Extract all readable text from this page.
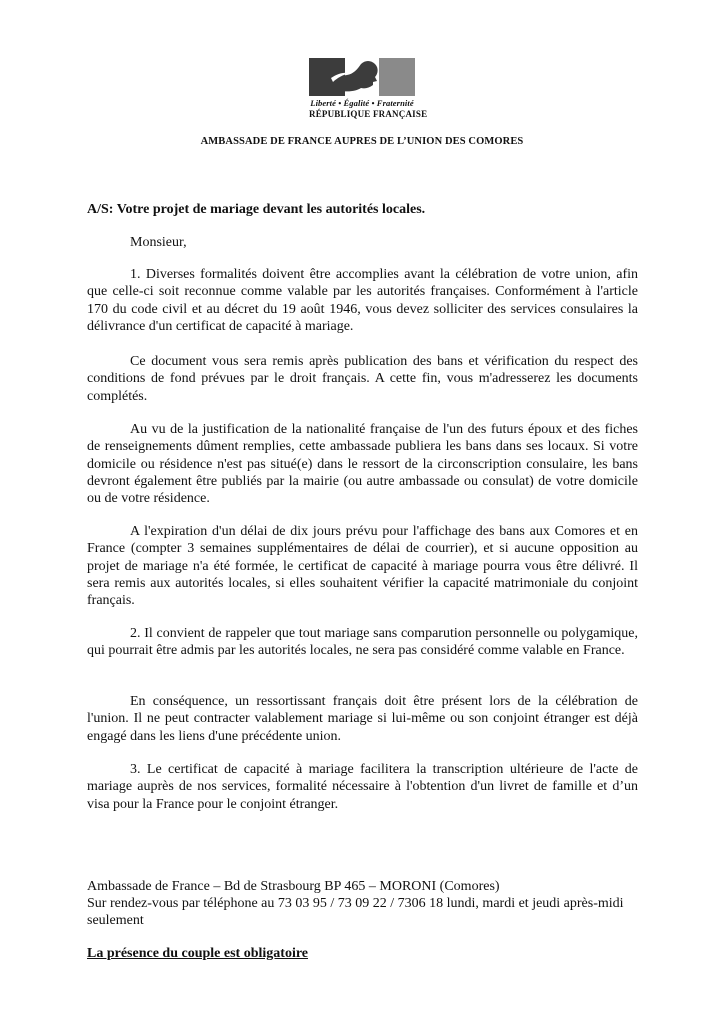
Liberté • Égalité • Fraternité
RÉPUBLIQUE FRANÇAISE
AMBASSADE DE FRANCE AUPRES DE L’UNION DES COMORES
A/S: Votre projet de mariage devant les autorités locales.
Monsieur,

1. Diverses formalités doivent être accomplies avant la célébration de votre union, afin que celle-ci soit reconnue comme valable par les autorités françaises. Conformément à l'article 170 du code civil et au décret du 19 août 1946, vous devez solliciter des services consulaires la délivrance d'un certificat de capacité à mariage.

Ce document vous sera remis après publication des bans et vérification du respect des conditions de fond prévues par le droit français. A cette fin, vous m'adresserez les documents complétés.

Au vu de la justification de la nationalité française de l'un des futurs époux et des fiches de renseignements dûment remplies, cette ambassade publiera les bans dans ses locaux. Si votre domicile ou résidence n'est pas situé(e) dans le ressort de la circonscription consulaire, les bans devront également être publiés par la mairie (ou autre ambassade ou consulat) de votre domicile ou de votre résidence.

A l'expiration d'un délai de dix jours prévu pour l'affichage des bans aux Comores et en France (compter 3 semaines supplémentaires de délai de courrier), et si aucune opposition au projet de mariage n'a été formée, le certificat de capacité à mariage pourra vous être délivré. Il sera remis aux autorités locales, si elles souhaitent vérifier la capacité matrimoniale du conjoint français.

2. Il convient de rappeler que tout mariage sans comparution personnelle ou polygamique, qui pourrait être admis par les autorités locales, ne sera pas considéré comme valable en France.

En conséquence, un ressortissant français doit être présent lors de la célébration de l'union. Il ne peut contracter valablement mariage si lui-même ou son conjoint étranger est déjà engagé dans les liens d'une précédente union.

3. Le certificat de capacité à mariage facilitera la transcription ultérieure de l'acte de mariage auprès de nos services, formalité nécessaire à l'obtention d'un livret de famille et d’un visa pour la France pour le conjoint étranger.

Ambassade de France – Bd de Strasbourg BP 465 – MORONI (Comores)
Sur rendez-vous par téléphone au 73 03 95 / 73 09 22 / 7306 18 lundi, mardi et jeudi après-midi seulement
La présence du couple est obligatoire
